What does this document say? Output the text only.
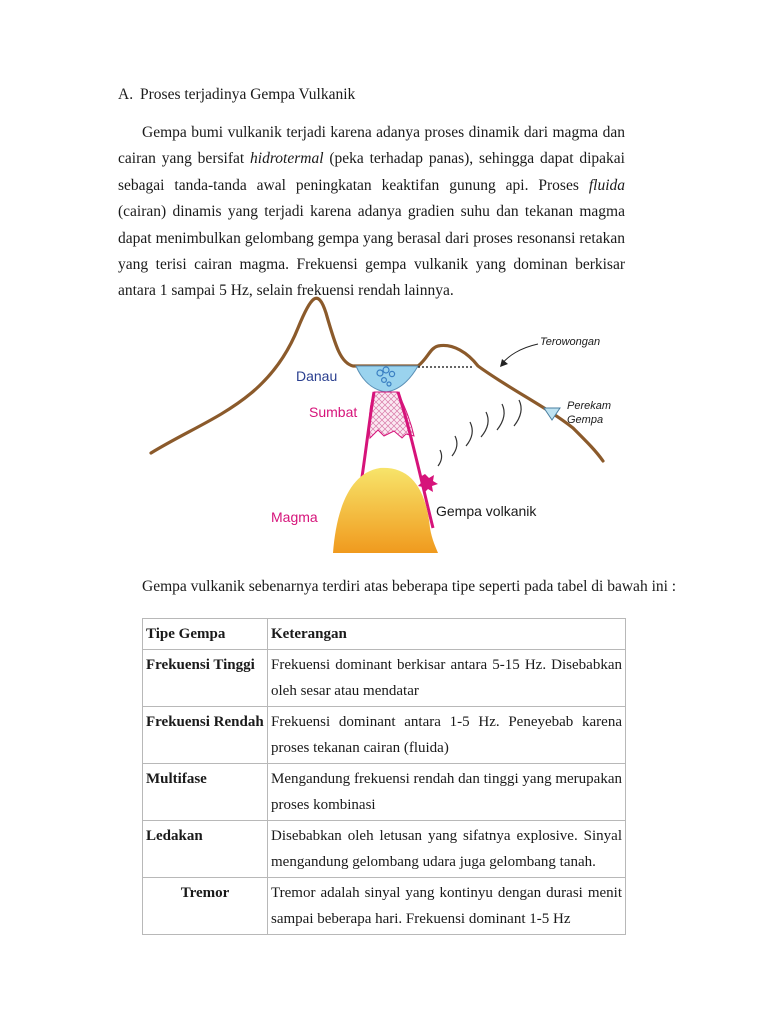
A. Proses terjadinya Gempa Vulkanik

Gempa bumi vulkanik terjadi karena adanya proses dinamik dari magma dan cairan yang bersifat hidrotermal (peka terhadap panas), sehingga dapat dipakai sebagai tanda-tanda awal peningkatan keaktifan gunung api. Proses fluida (cairan) dinamis yang terjadi karena adanya gradien suhu dan tekanan magma dapat menimbulkan gelombang gempa yang berasal dari proses resonansi retakan yang terisi cairan magma. Frekuensi gempa vulkanik yang dominan berkisar antara 1 sampai 5 Hz, selain frekuensi rendah lainnya.

Danau
Sumbat
Magma
Terowongan
Perekam
Gempa
Gempa volkanik

Gempa vulkanik sebenarnya terdiri atas beberapa tipe seperti pada tabel di bawah ini :

Tipe Gempa	Keterangan
Frekuensi Tinggi	Frekuensi dominant berkisar antara 5-15 Hz. Disebabkan oleh sesar atau mendatar
Frekuensi Rendah	Frekuensi dominant antara 1-5 Hz. Peneyebab karena proses tekanan cairan (fluida)
Multifase	Mengandung frekuensi rendah dan tinggi yang merupakan proses kombinasi
Ledakan	Disebabkan oleh letusan yang sifatnya explosive. Sinyal mengandung gelombang udara juga gelombang tanah.
Tremor	Tremor adalah sinyal yang kontinyu dengan durasi menit sampai beberapa hari. Frekuensi dominant 1-5 Hz
